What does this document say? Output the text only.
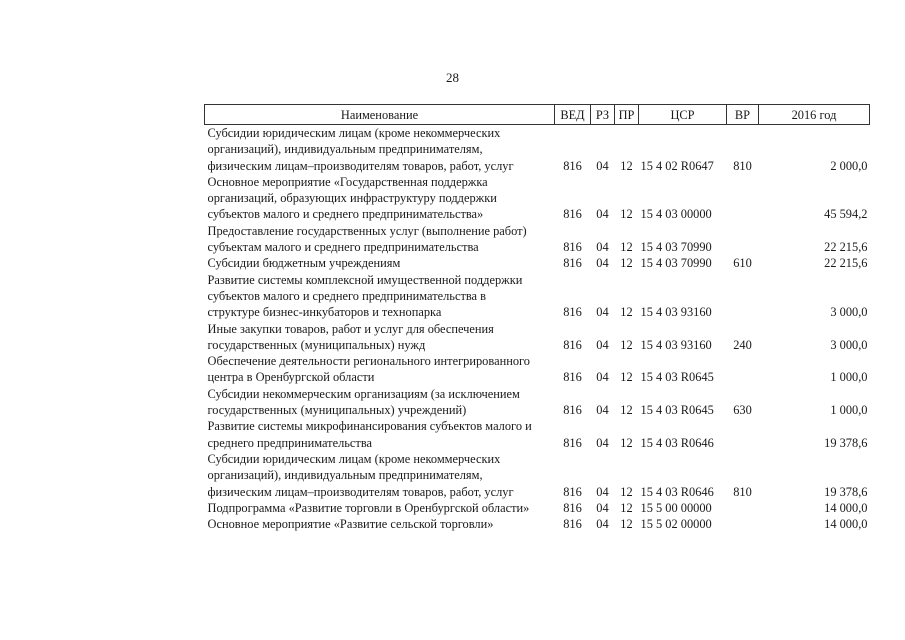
28
Наименование	ВЕД	РЗ	ПР	ЦСР	ВР	2016 год
Субсидии юридическим лицам (кроме некоммерческих
организаций), индивидуальным предпринимателям,
физическим лицам–производителям товаров, работ, услуг	816	04	12	15 4 02 R0647	810	2 000,0
Основное мероприятие «Государственная поддержка
организаций, образующих инфраструктуру поддержки
субъектов малого и среднего предпринимательства»	816	04	12	15 4 03 00000		45 594,2
Предоставление государственных услуг (выполнение работ)
субъектам малого и среднего предпринимательства	816	04	12	15 4 03 70990		22 215,6
Субсидии бюджетным учреждениям	816	04	12	15 4 03 70990	610	22 215,6
Развитие системы комплексной имущественной поддержки
субъектов малого и среднего предпринимательства в
структуре бизнес-инкубаторов и технопарка	816	04	12	15 4 03 93160		3 000,0
Иные закупки товаров, работ и услуг для обеспечения
государственных (муниципальных) нужд	816	04	12	15 4 03 93160	240	3 000,0
Обеспечение деятельности регионального интегрированного
центра в Оренбургской области	816	04	12	15 4 03 R0645		1 000,0
Субсидии некоммерческим организациям (за исключением
государственных (муниципальных) учреждений)	816	04	12	15 4 03 R0645	630	1 000,0
Развитие системы микрофинансирования субъектов малого и
среднего предпринимательства	816	04	12	15 4 03 R0646		19 378,6
Субсидии юридическим лицам (кроме некоммерческих
организаций), индивидуальным предпринимателям,
физическим лицам–производителям товаров, работ, услуг	816	04	12	15 4 03 R0646	810	19 378,6
Подпрограмма «Развитие торговли в Оренбургской области»	816	04	12	15 5 00 00000		14 000,0
Основное мероприятие «Развитие сельской торговли»	816	04	12	15 5 02 00000		14 000,0
